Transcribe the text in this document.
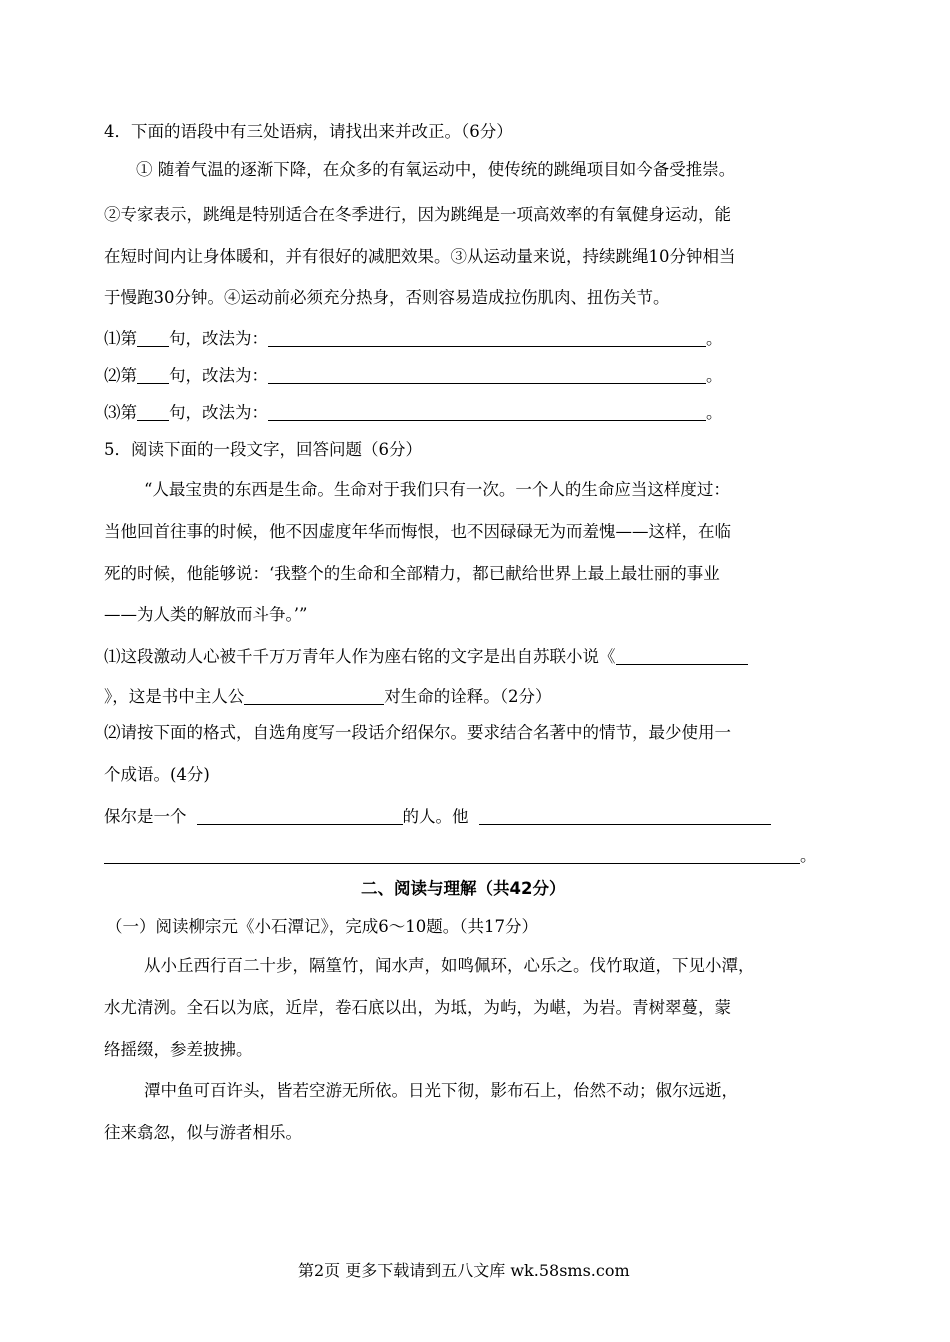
4．下面的语段中有三处语病，请找出来并改正。（6分）
① 随着气温的逐渐下降，在众多的有氧运动中，使传统的跳绳项目如今备受推崇。
②专家表示，跳绳是特别适合在冬季进行，因为跳绳是一项高效率的有氧健身运动，能
在短时间内让身体暖和，并有很好的减肥效果。③从运动量来说，持续跳绳10分钟相当
于慢跑30分钟。④运动前必须充分热身，否则容易造成拉伤肌肉、扭伤关节。
⑴第 句，改法为：	。
⑵第 句，改法为：	。
⑶第 句，改法为：	。
5．阅读下面的一段文字，回答问题（6分）
“人最宝贵的东西是生命。生命对于我们只有一次。一个人的生命应当这样度过：
当他回首往事的时候，他不因虚度年华而悔恨，也不因碌碌无为而羞愧——这样，在临
死的时候，他能够说：‘我整个的生命和全部精力，都已献给世界上最上最壮丽的事业
——为人类的解放而斗争。’”
⑴这段激动人心被千千万万青年人作为座右铭的文字是出自苏联小说《
》，这是书中主人公	对生命的诠释。（2分）
⑵请按下面的格式，自选角度写一段话介绍保尔。要求结合名著中的情节，最少使用一
个成语。(4分)
保尔是一个	的人。他
。
二、阅读与理解（共42分）
（一）阅读柳宗元《小石潭记》，完成6～10题。（共17分）
从小丘西行百二十步，隔篁竹，闻水声，如鸣佩环，心乐之。伐竹取道，下见小潭，
水尤清洌。全石以为底，近岸，卷石底以出，为坻，为屿，为嵁，为岩。青树翠蔓，蒙
络摇缀，参差披拂。
潭中鱼可百许头，皆若空游无所依。日光下彻，影布石上，佁然不动；俶尔远逝，
往来翕忽，似与游者相乐。
第2页 更多下载请到五八文库 wk.58sms.com
